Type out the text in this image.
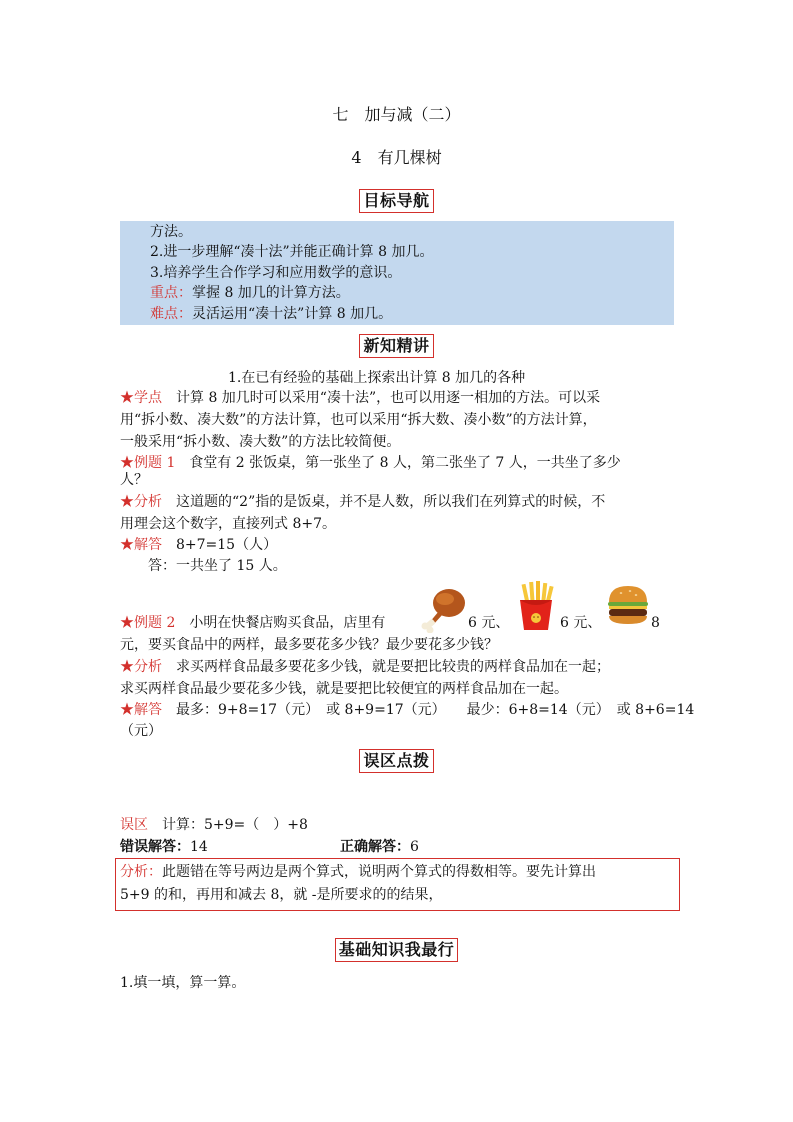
七　加与减（二）
4　有几棵树
目标导航
方法。
2.进一步理解“凑十法”并能正确计算 8 加几。
3.培养学生合作学习和应用数学的意识。
重点：掌握 8 加几的计算方法。
难点：灵活运用“凑十法”计算 8 加几。
新知精讲
1.在已有经验的基础上探索出计算 8 加几的各种
★学点　计算 8 加几时可以采用“凑十法”，也可以用逐一相加的方法。可以采
用“拆小数、凑大数”的方法计算，也可以采用“拆大数、凑小数”的方法计算，
一般采用“拆小数、凑大数”的方法比较简便。
★例题 1　食堂有 2 张饭桌，第一张坐了 8 人，第二张坐了 7 人，一共坐了多少
人？
★分析　这道题的“2”指的是饭桌，并不是人数，所以我们在列算式的时候，不
用理会这个数字，直接列式 8+7。
★解答　8+7=15（人）
答：一共坐了 15 人。
★例题 2　小明在快餐店购买食品，店里有	6 元、	6 元、	8
元，要买食品中的两样，最多要花多少钱？最少要花多少钱？
★分析　求买两样食品最多要花多少钱，就是要把比较贵的两样食品加在一起；
求买两样食品最少要花多少钱，就是要把比较便宜的两样食品加在一起。
★解答　最多：9+8=17（元）　或 8+9=17（元）　　最少：6+8=14（元）　或 8+6=14
（元）
误区点拨
误区　计算：5+9=（　）+8
错误解答：14	正确解答：6
分析：此题错在等号两边是两个算式，说明两个算式的得数相等。要先计算出
5+9 的和，再用和减去 8，就 -是所要求的的结果，
基础知识我最行
1.填一填，算一算。
